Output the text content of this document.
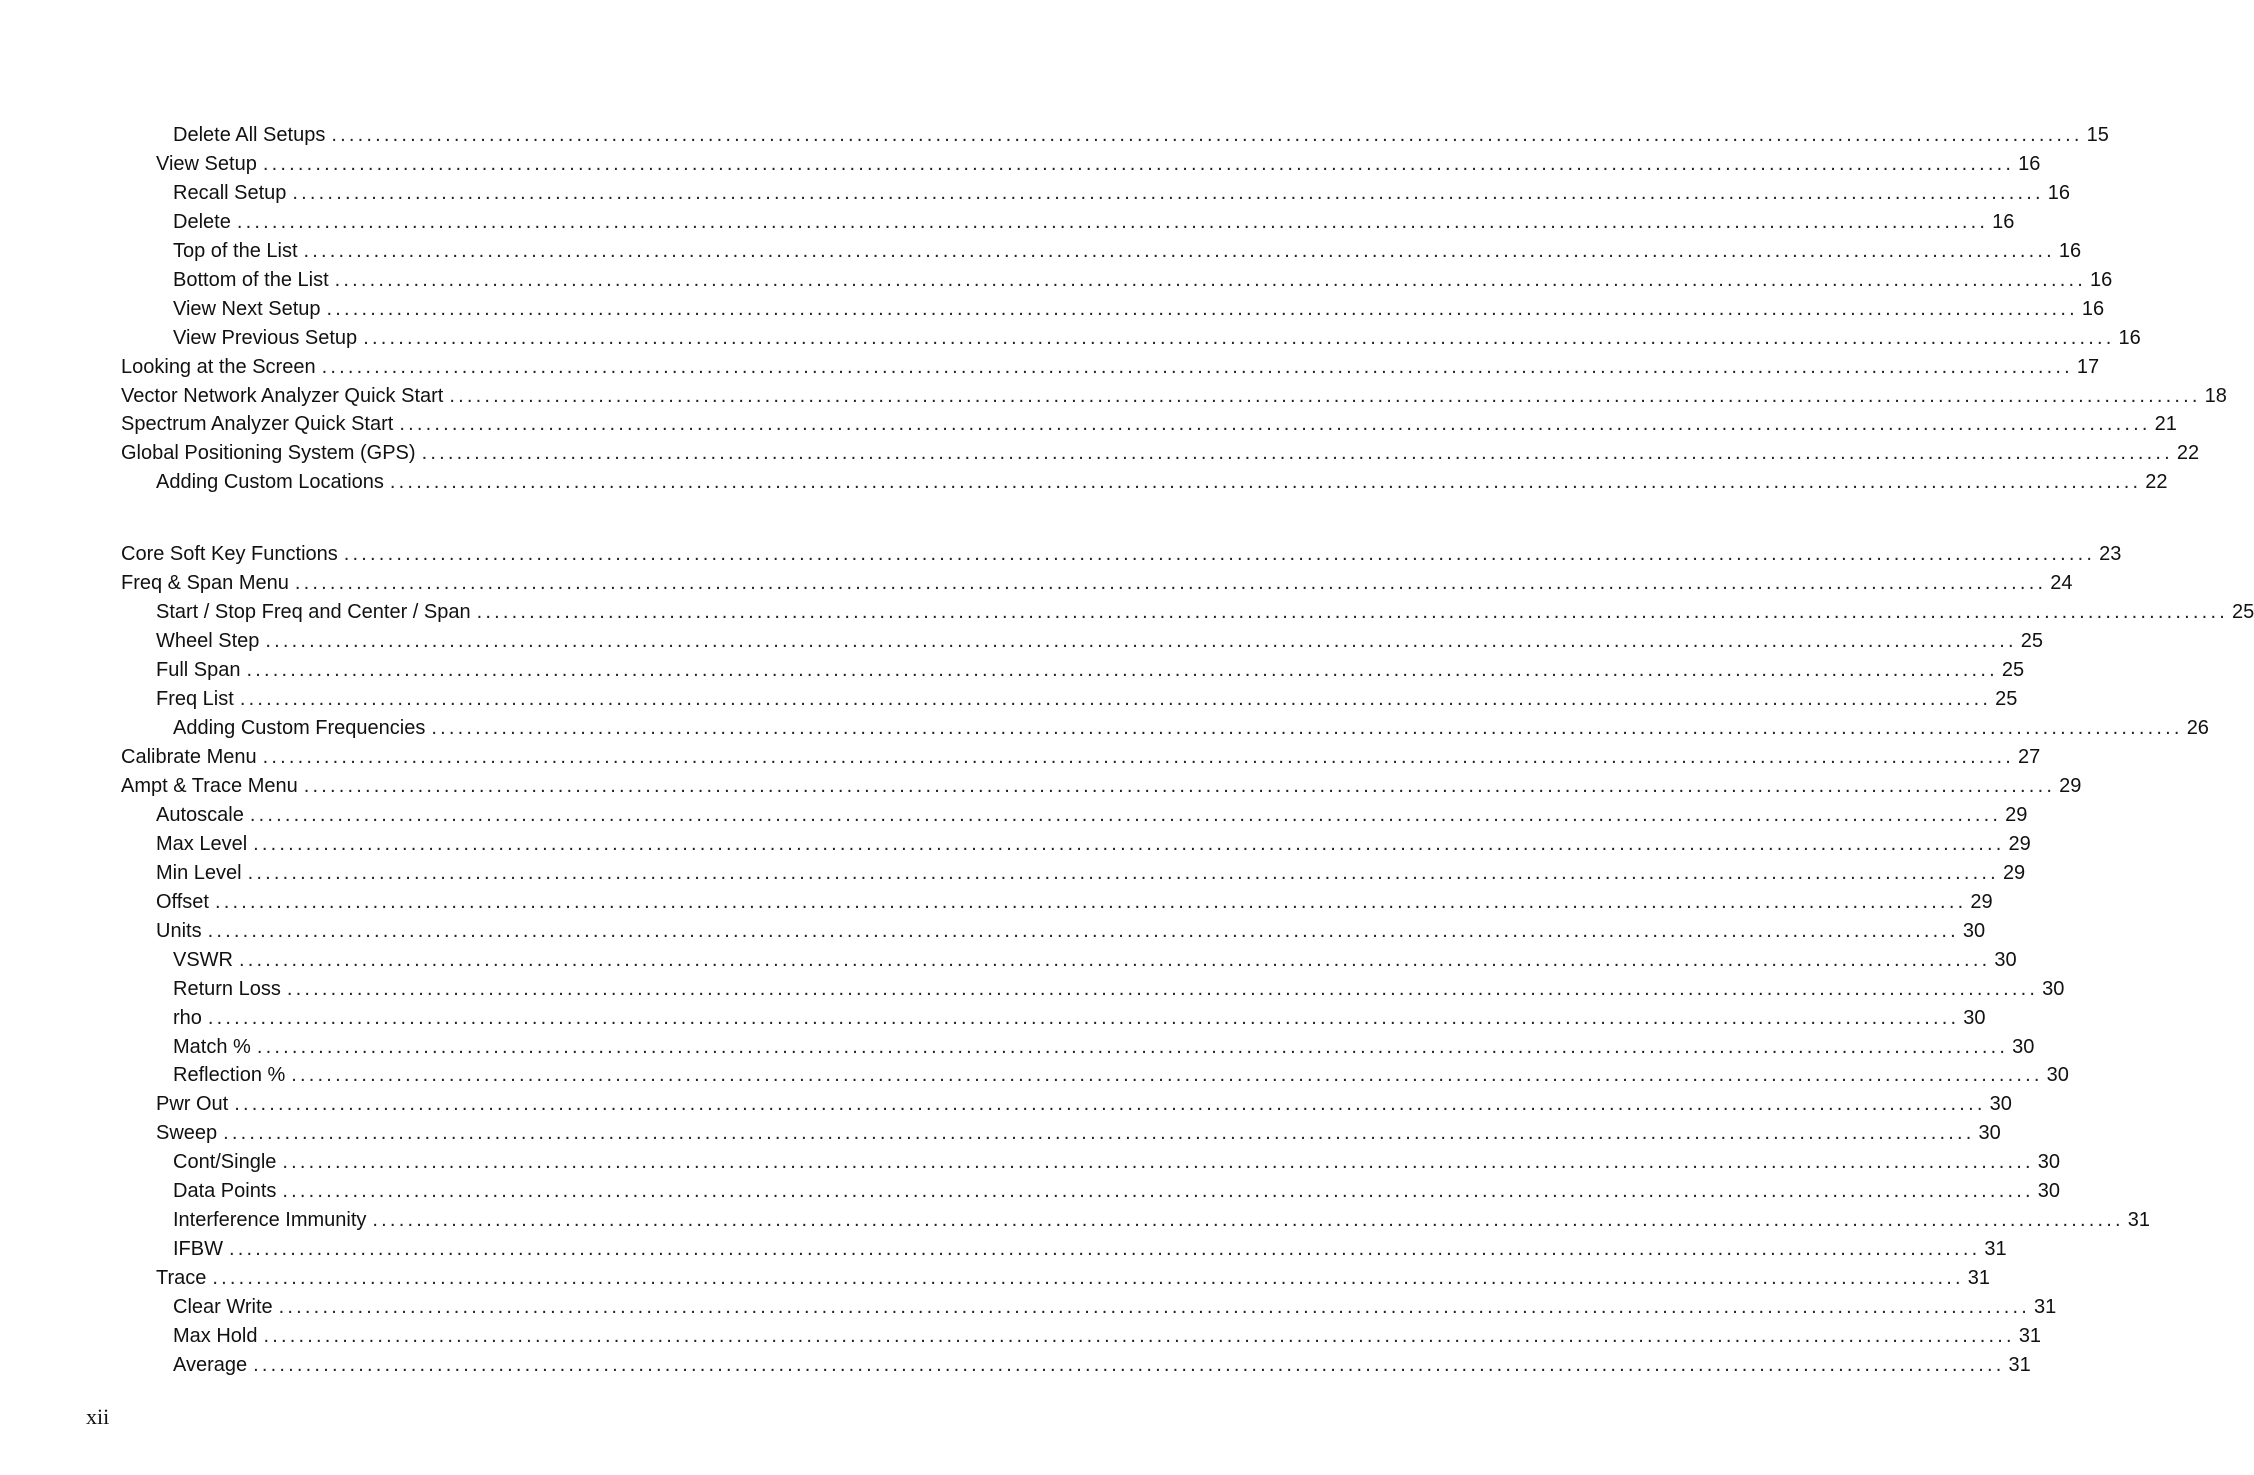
Delete All Setups ........................................................................................................................................................................................................ 15
View Setup ........................................................................................................................................................................................................ 16
Recall Setup ........................................................................................................................................................................................................ 16
Delete ........................................................................................................................................................................................................ 16
Top of the List ........................................................................................................................................................................................................ 16
Bottom of the List ........................................................................................................................................................................................................ 16
View Next Setup ........................................................................................................................................................................................................ 16
View Previous Setup ........................................................................................................................................................................................................ 16
Looking at the Screen ........................................................................................................................................................................................................ 17
Vector Network Analyzer Quick Start ........................................................................................................................................................................................................ 18
Spectrum Analyzer Quick Start ........................................................................................................................................................................................................ 21
Global Positioning System (GPS) ........................................................................................................................................................................................................ 22
Adding Custom Locations ........................................................................................................................................................................................................ 22
Core Soft Key Functions ........................................................................................................................................................................................................ 23
Freq & Span Menu ........................................................................................................................................................................................................ 24
Start / Stop Freq and Center / Span ........................................................................................................................................................................................................ 25
Wheel Step ........................................................................................................................................................................................................ 25
Full Span ........................................................................................................................................................................................................ 25
Freq List ........................................................................................................................................................................................................ 25
Adding Custom Frequencies ........................................................................................................................................................................................................ 26
Calibrate Menu ........................................................................................................................................................................................................ 27
Ampt & Trace Menu ........................................................................................................................................................................................................ 29
Autoscale ........................................................................................................................................................................................................ 29
Max Level ........................................................................................................................................................................................................ 29
Min Level ........................................................................................................................................................................................................ 29
Offset ........................................................................................................................................................................................................ 29
Units ........................................................................................................................................................................................................ 30
VSWR ........................................................................................................................................................................................................ 30
Return Loss ........................................................................................................................................................................................................ 30
rho ........................................................................................................................................................................................................ 30
Match % ........................................................................................................................................................................................................ 30
Reflection % ........................................................................................................................................................................................................ 30
Pwr Out ........................................................................................................................................................................................................ 30
Sweep ........................................................................................................................................................................................................ 30
Cont/Single ........................................................................................................................................................................................................ 30
Data Points ........................................................................................................................................................................................................ 30
Interference Immunity ........................................................................................................................................................................................................ 31
IFBW ........................................................................................................................................................................................................ 31
Trace ........................................................................................................................................................................................................ 31
Clear Write ........................................................................................................................................................................................................ 31
Max Hold ........................................................................................................................................................................................................ 31
Average ........................................................................................................................................................................................................ 31
xii
